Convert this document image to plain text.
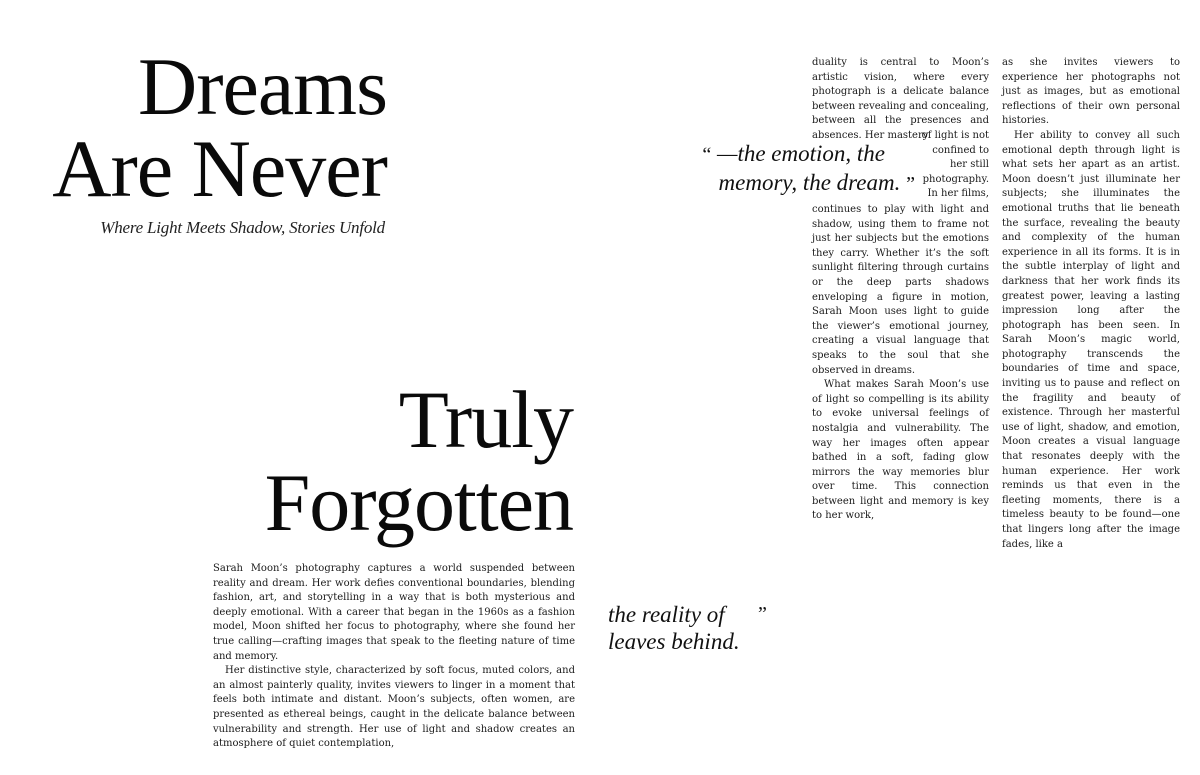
Dreams
Are Never
Where Light Meets Shadow, Stories Unfold
Truly
Forgotten
“ —the emotion, the
memory, the dream. ”
the reality of
leaves behind.
”

Sarah Moon’s photography captures a world suspended between reality and dream. Her work defies conventional boundaries, blending fashion, art, and storytelling in a way that is both mysterious and deeply emotional. With a career that began in the 1960s as a fashion model, Moon shifted her focus to photography, where she found her true calling—crafting images that speak to the fleeting nature of time and memory.

Her distinctive style, characterized by soft focus, muted colors, and an almost painterly quality, invites viewers to linger in a moment that feels both intimate and distant. Moon’s subjects, often women, are presented as ethereal beings, caught in the delicate balance between vulnerability and strength. Her use of light and shadow creates an atmosphere of quiet contemplation,

duality is central to Moon’s artistic vision, where every photograph is a delicate balance between revealing and concealing, between all the presences and absences. Her mastery

of light is not confined to her still photography. In her films,

continues to play with light and shadow, using them to frame not just her subjects but the emotions they carry. Whether it’s the soft sunlight filtering through curtains or the deep parts shadows enveloping a figure in motion, Sarah Moon uses light to guide the viewer’s emotional journey, creating a visual language that speaks to the soul that she observed in dreams.

What makes Sarah Moon’s use of light so compelling is its ability to evoke universal feelings of nostalgia and vulnerability. The way her images often appear bathed in a soft, fading glow mirrors the way memories blur over time. This connection between light and memory is key to her work,

as she invites viewers to experience her photographs not just as images, but as emotional reflections of their own personal histories.

Her ability to convey all such emotional depth through light is what sets her apart as an artist. Moon doesn’t just illuminate her subjects; she illuminates the emotional truths that lie beneath the surface, revealing the beauty and complexity of the human experience in all its forms. It is in the subtle interplay of light and darkness that her work finds its greatest power, leaving a lasting impression long after the photograph has been seen. In Sarah Moon’s magic world, photography transcends the boundaries of time and space, inviting us to pause and reflect on the fragility and beauty of existence. Through her masterful use of light, shadow, and emotion, Moon creates a visual language that resonates deeply with the human experience. Her work reminds us that even in the fleeting moments, there is a timeless beauty to be found—one that lingers long after the image fades, like a
